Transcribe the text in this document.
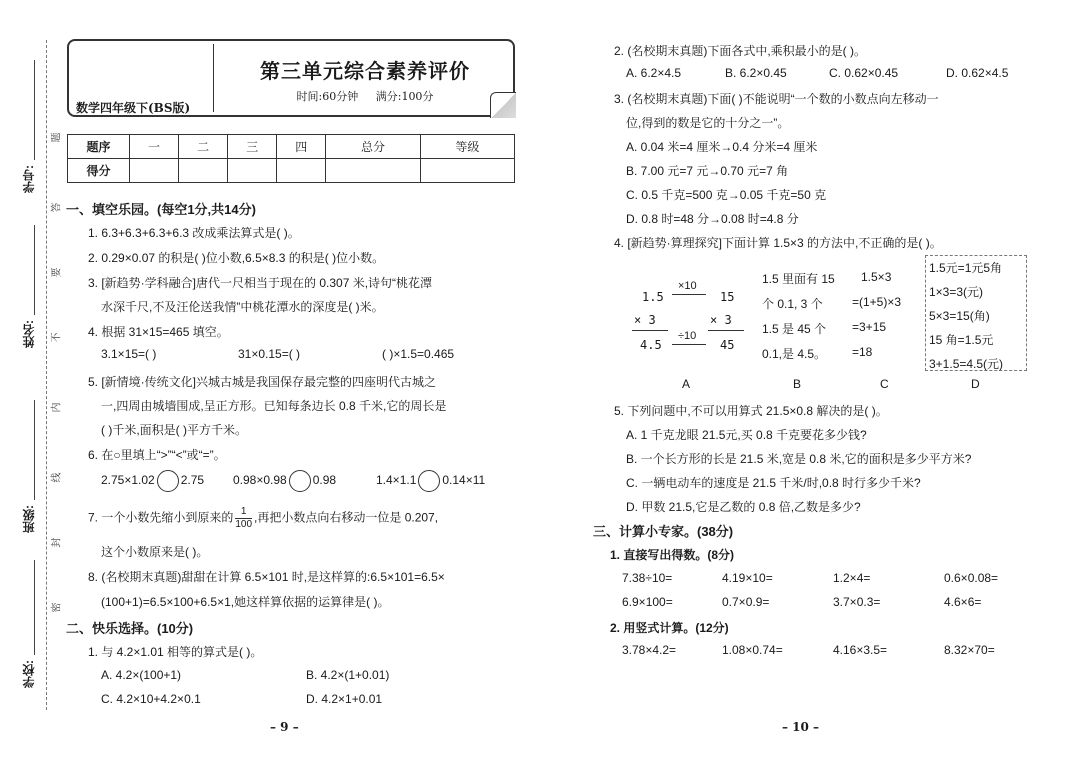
学号:
姓名:
班级:
学校:
题
答
要
不
内
线
封
密
第三单元综合素养评价
时间:60分钟 满分:100分
数学四年级下(BS版)
题序	一	二	三	四	总分	等级
得分						
一、填空乐园。(每空1分,共14分)
1. 6.3+6.3+6.3+6.3 改成乘法算式是( )。
2. 0.29×0.07 的积是( )位小数,6.5×8.3 的积是( )位小数。
3. [新趋势·学科融合]唐代一尺相当于现在的 0.307 米,诗句“桃花潭
水深千尺,不及汪伦送我情”中桃花潭水的深度是( )米。
4. 根据 31×15=465 填空。
3.1×15=( )	31×0.15=( )	( )×1.5=0.465
5. [新情境·传统文化]兴城古城是我国保存最完整的四座明代古城之
一,四周由城墙围成,呈正方形。已知每条边长 0.8 千米,它的周长是
( )千米,面积是( )平方千米。
6. 在○里填上“>”“<”或“=”。
2.75×1.02 2.75 0.98×0.98 0.98	1.4×1.1 0.14×11
7. 一个小数先缩小到原来的 $\frac{1}{100}$ ,再把小数点向右移动一位是 0.207,
这个小数原来是( )。
8. (名校期末真题)甜甜在计算 6.5×101 时,是这样算的:6.5×101=6.5×
(100+1)=6.5×100+6.5×1,她这样算依据的运算律是( )。
二、快乐选择。(10分)
1. 与 4.2×1.01 相等的算式是( )。
A. 4.2×(100+1)	B. 4.2×(1+0.01)
C. 4.2×10+4.2×0.1	D. 4.2×1+0.01
– 9 –
2. (名校期末真题)下面各式中,乘积最小的是( )。
A. 6.2×4.5	B. 6.2×0.45	C. 0.62×0.45	D. 0.62×4.5
3. (名校期末真题)下面( )不能说明“一个数的小数点向左移动一
位,得到的数是它的十分之一”。
A. 0.04 米=4 厘米→0.4 分米=4 厘米
B. 7.00 元=7 元→0.70 元=7 角
C. 0.5 千克=500 克→0.05 千克=50 克
D. 0.8 时=48 分→0.08 时=4.8 分
4. [新趋势·算理探究]下面计算 1.5×3 的方法中,不正确的是( )。
1.5
×10
15
× 3	× 3
4.5
÷10
45
A
1.5 里面有 15
个 0.1, 3 个
1.5 是 45 个
0.1,是 4.5。
B
1.5×3
=(1+5)×3
=3+15
=18
C
1.5元=1元5角
1×3=3(元)
5×3=15(角)
15 角=1.5元
3+1.5=4.5(元)
D
5. 下列问题中,不可以用算式 21.5×0.8 解决的是( )。
A. 1 千克龙眼 21.5元,买 0.8 千克要花多少钱?
B. 一个长方形的长是 21.5 米,宽是 0.8 米,它的面积是多少平方米?
C. 一辆电动车的速度是 21.5 千米/时,0.8 时行多少千米?
D. 甲数 21.5,它是乙数的 0.8 倍,乙数是多少?
三、计算小专家。(38分)
1. 直接写出得数。(8分)
7.38÷10=	4.19×10=	1.2×4=	0.6×0.08=
6.9×100=	0.7×0.9=	3.7×0.3=	4.6×6=
2. 用竖式计算。(12分)
3.78×4.2=	1.08×0.74=	4.16×3.5=	8.32×70=
– 10 –
